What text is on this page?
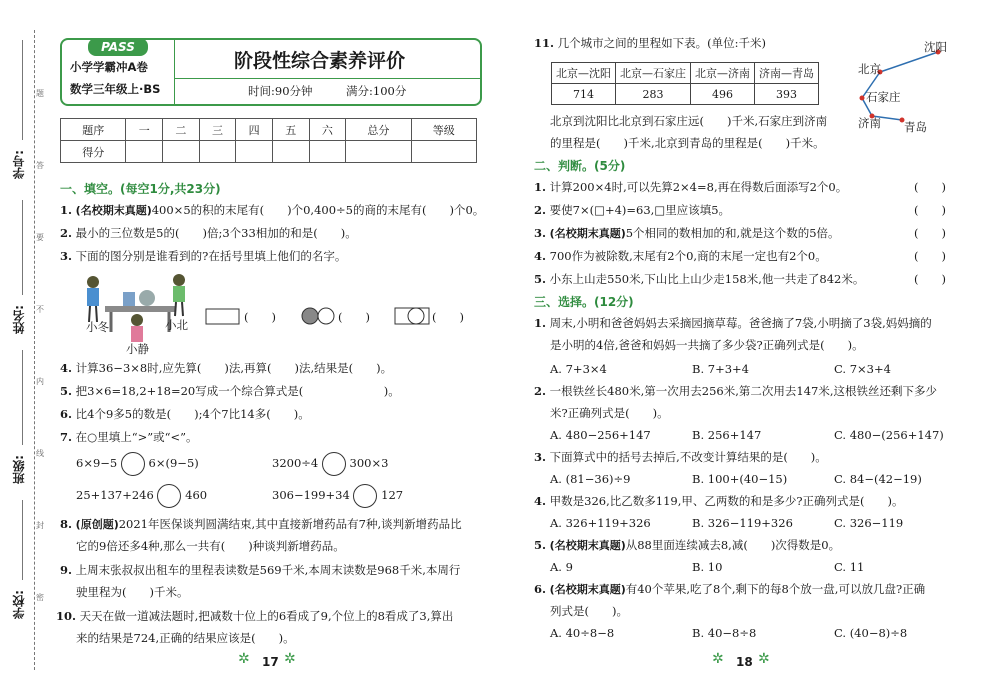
学号:
姓名:
班级:
学校:
题
答
要
不
内
线
封
密
PASS
小学学霸冲A卷
数学三年级上·BS
阶段性综合素养评价
时间:90分钟	满分:100分
题序	一	二	三	四	五	六	总分	等级
得分								
一、填空。(每空1分,共23分)
1. (名校期末真题)400×5的积的末尾有(　　)个0,400÷5的商的末尾有(　　)个0。
2. 最小的三位数是5的(　　)倍;3个33相加的和是(　　)。
3. 下面的图分别是谁看到的?在括号里填上他们的名字。
小冬
小静
小北
(　　)	(　　)	(　　)
4. 计算36−3×8时,应先算(　　)法,再算(　　)法,结果是(　　)。
5. 把3×6=18,2+18=20写成一个综合算式是(　　　　　　　)。
6. 比4个9多5的数是(　　);4个7比14多(　　)。
7. 在○里填上“>”或“<”。
6×9−5	6×(9−5)	3200÷4	300×3
25+137+246	460	306−199+34	127
8. (原创题)2021年医保谈判圆满结束,其中直接新增药品有7种,谈判新增药品比
它的9倍还多4种,那么一共有(　　)种谈判新增药品。
9. 上周末张叔叔出租车的里程表读数是569千米,本周末读数是968千米,本周行
驶里程为(　　)千米。
10. 天天在做一道减法题时,把减数十位上的6看成了9,个位上的8看成了3,算出
来的结果是724,正确的结果应该是(　　)。
✲ 17 ✲
11. 几个城市之间的里程如下表。(单位:千米)
北京—沈阳	北京—石家庄	北京—济南	济南—青岛
714	283	496	393
沈阳
北京
石家庄
济南 青岛
北京到沈阳比北京到石家庄远(　　)千米,石家庄到济南
的里程是(　　)千米,北京到青岛的里程是(　　)千米。
二、判断。(5分)
1. 计算200×4时,可以先算2×4=8,再在得数后面添写2个0。
2. 要使7×(□+4)=63,□里应该填5。
3. (名校期末真题)5个相同的数相加的和,就是这个数的5倍。
4. 700作为被除数,末尾有2个0,商的末尾一定也有2个0。
5. 小东上山走550米,下山比上山少走158米,他一共走了842米。
(　　)
(　　)
(　　)
(　　)
(　　)
三、选择。(12分)
1. 周末,小明和爸爸妈妈去采摘园摘草莓。爸爸摘了7袋,小明摘了3袋,妈妈摘的
是小明的4倍,爸爸和妈妈一共摘了多少袋?正确列式是(　　)。
A. 7+3×4	B. 7+3+4	C. 7×3+4
2. 一根铁丝长480米,第一次用去256米,第二次用去147米,这根铁丝还剩下多少
米?正确列式是(　　)。
A. 480−256+147	B. 256+147	C. 480−(256+147)
3. 下面算式中的括号去掉后,不改变计算结果的是(　　)。
A. (81−36)÷9	B. 100+(40−15)	C. 84−(42−19)
4. 甲数是326,比乙数多119,甲、乙两数的和是多少?正确列式是(　　)。
A. 326+119+326	B. 326−119+326	C. 326−119
5. (名校期末真题)从88里面连续减去8,减(　　)次得数是0。
A. 9	B. 10	C. 11
6. (名校期末真题)有40个苹果,吃了8个,剩下的每8个放一盘,可以放几盘?正确
列式是(　　)。
A. 40÷8−8	B. 40−8÷8	C. (40−8)÷8
✲ 18 ✲
